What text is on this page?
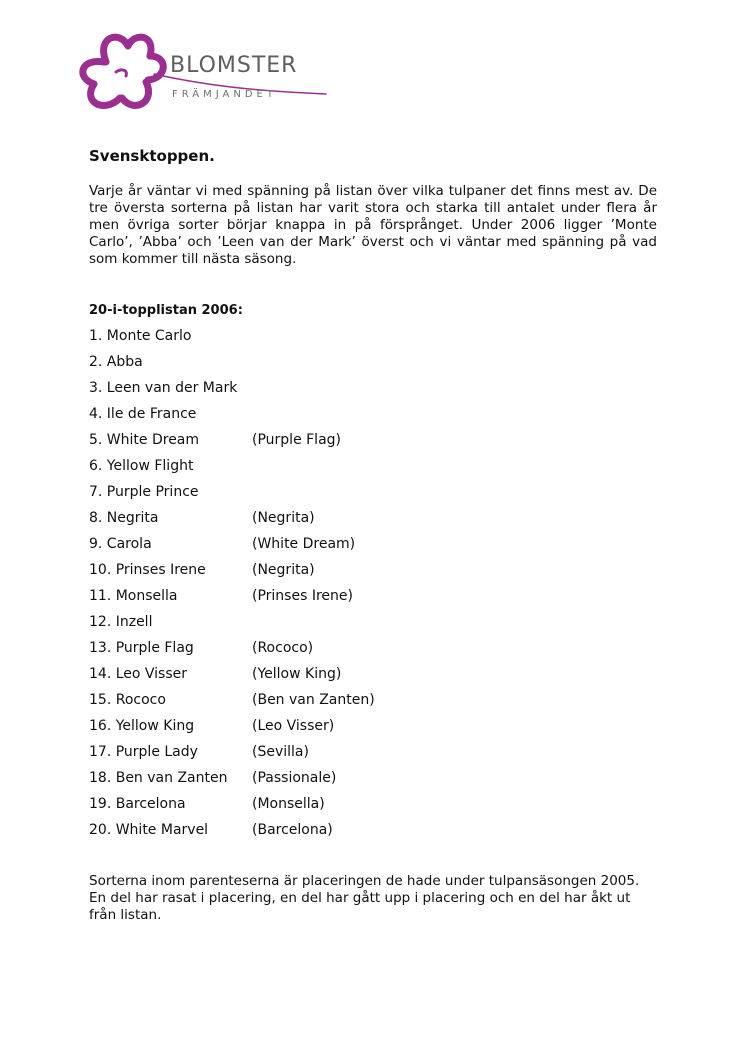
BLOMSTER
FRÄMJANDET
Svensktoppen.

Varje år väntar vi med spänning på listan över vilka tulpaner det finns mest av. De tre översta sorterna på listan har varit stora och starka till antalet under flera år men övriga sorter börjar knappa in på försprånget. Under 2006 ligger ’Monte Carlo’, ’Abba’ och ’Leen van der Mark’ överst och vi väntar med spänning på vad som kommer till nästa säsong.

20-i-topplistan 2006:

1. Monte Carlo
2. Abba
3. Leen van der Mark
4. Ile de France
5. White Dream	(Purple Flag)
6. Yellow Flight
7. Purple Prince
8. Negrita	(Negrita)
9. Carola	(White Dream)
10. Prinses Irene	(Negrita)
11. Monsella	(Prinses Irene)
12. Inzell
13. Purple Flag	(Rococo)
14. Leo Visser	(Yellow King)
15. Rococo	(Ben van Zanten)
16. Yellow King	(Leo Visser)
17. Purple Lady	(Sevilla)
18. Ben van Zanten (Passionale)
19. Barcelona	(Monsella)
20. White Marvel	(Barcelona)

Sorterna inom parenteserna är placeringen de hade under tulpansäsongen 2005. En del har rasat i placering, en del har gått upp i placering och en del har åkt ut från listan.
